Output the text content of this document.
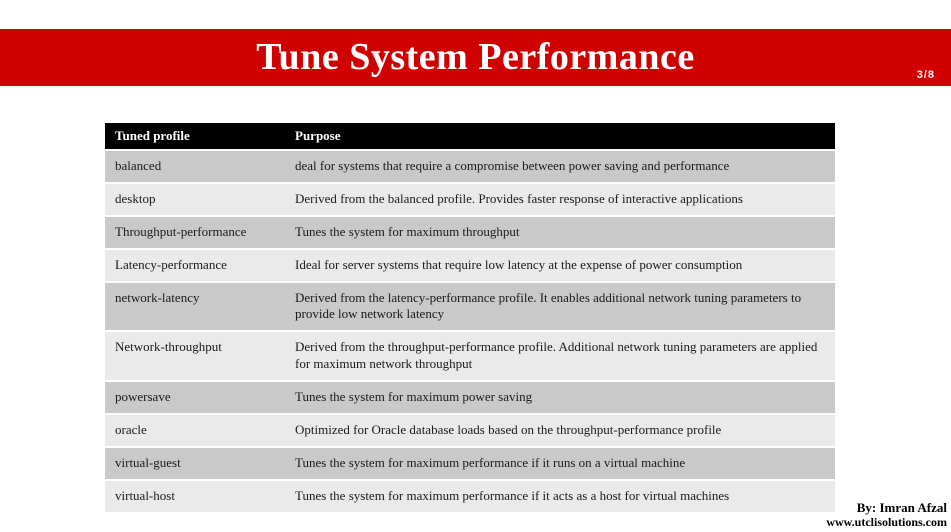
Tune System Performance	3/8
Tuned profile	Purpose
balanced	deal for systems that require a compromise between power saving and performance
desktop	Derived from the balanced profile. Provides faster response of interactive applications
Throughput-performance	Tunes the system for maximum throughput
Latency-performance	Ideal for server systems that require low latency at the expense of power consumption
network-latency	Derived from the latency-performance profile. It enables additional network tuning parameters to provide low network latency
Network-throughput	Derived from the throughput-performance profile. Additional network tuning parameters are applied for maximum network throughput
powersave	Tunes the system for maximum power saving
oracle	Optimized for Oracle database loads based on the throughput-performance profile
virtual-guest	Tunes the system for maximum performance if it runs on a virtual machine
virtual-host	Tunes the system for maximum performance if it acts as a host for virtual machines
By: Imran Afzal
www.utclisolutions.com
